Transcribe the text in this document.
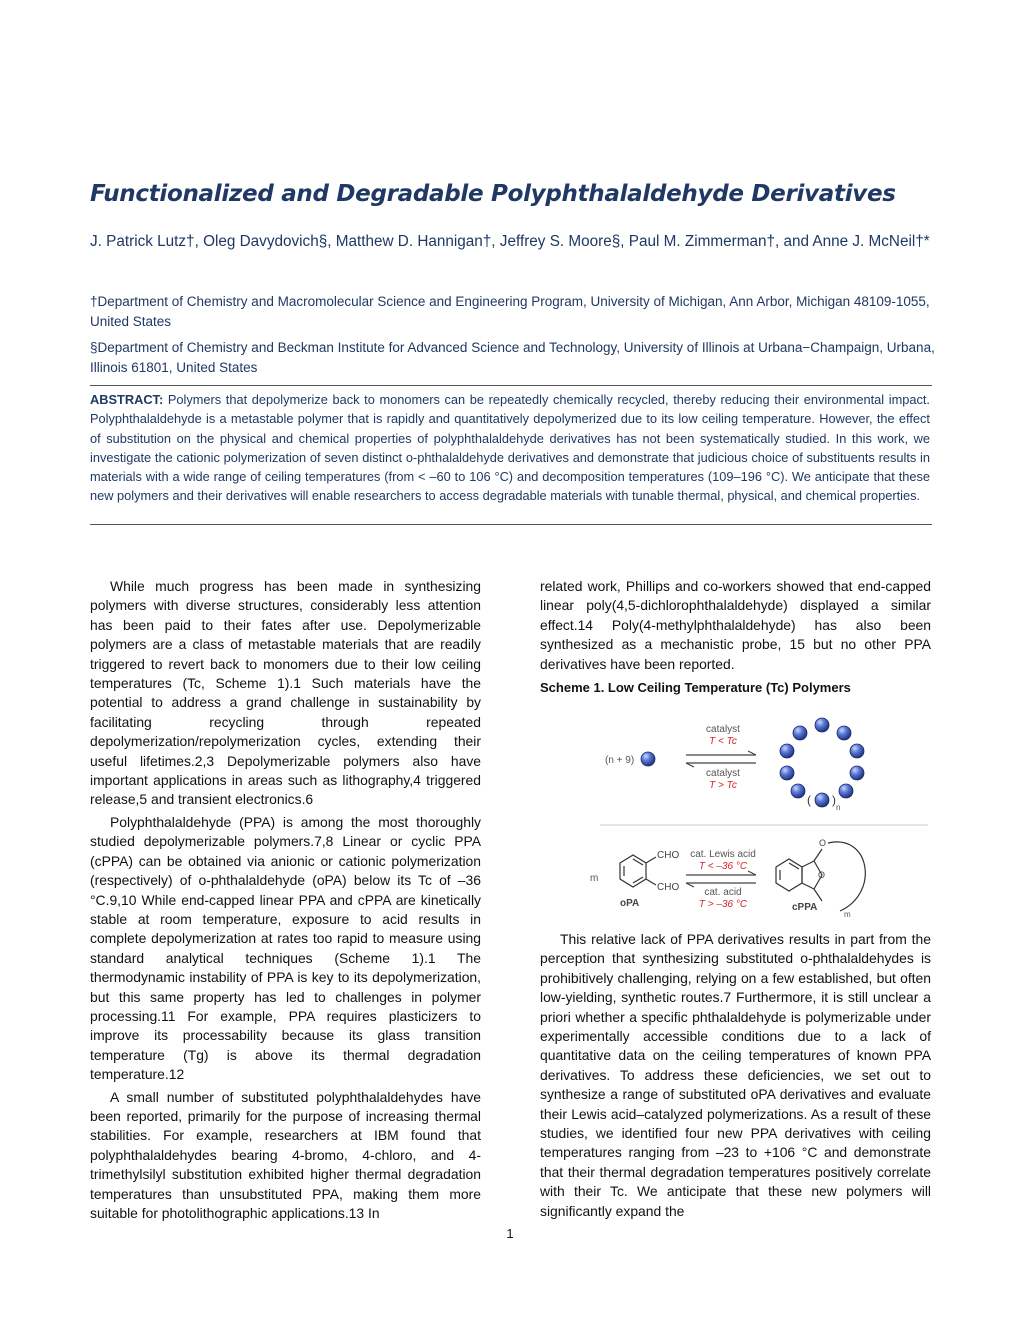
Functionalized and Degradable Polyphthalaldehyde Derivatives
J. Patrick Lutz†, Oleg Davydovich§, Matthew D. Hannigan†, Jeffrey S. Moore§, Paul M. Zimmerman†, and Anne J. McNeil†*
†Department of Chemistry and Macromolecular Science and Engineering Program, University of Michigan, Ann Arbor, Michigan 48109-1055, United States
§Department of Chemistry and Beckman Institute for Advanced Science and Technology, University of Illinois at Urbana−Champaign, Urbana, Illinois 61801, United States
ABSTRACT: Polymers that depolymerize back to monomers can be repeatedly chemically recycled, thereby reducing their environmental impact. Polyphthalaldehyde is a metastable polymer that is rapidly and quantitatively depolymerized due to its low ceiling temperature. However, the effect of substitution on the physical and chemical properties of polyphthalaldehyde derivatives has not been systematically studied. In this work, we investigate the cationic polymerization of seven distinct o-phthalaldehyde derivatives and demonstrate that judicious choice of substituents results in materials with a wide range of ceiling temperatures (from < –60 to 106 °C) and decomposition temperatures (109–196 °C). We anticipate that these new polymers and their derivatives will enable researchers to access degradable materials with tunable thermal, physical, and chemical properties.

While much progress has been made in synthesizing polymers with diverse structures, considerably less attention has been paid to their fates after use. Depolymerizable polymers are a class of metastable materials that are readily triggered to revert back to monomers due to their low ceiling temperatures (Tc, Scheme 1).1 Such materials have the potential to address a grand challenge in sustainability by facilitating recycling through repeated depolymerization/repolymerization cycles, extending their useful lifetimes.2,3 Depolymerizable polymers also have important applications in areas such as lithography,4 triggered release,5 and transient electronics.6

Polyphthalaldehyde (PPA) is among the most thoroughly studied depolymerizable polymers.7,8 Linear or cyclic PPA (cPPA) can be obtained via anionic or cationic polymerization (respectively) of o-phthalaldehyde (oPA) below its Tc of –36 °C.9,10 While end-capped linear PPA and cPPA are kinetically stable at room temperature, exposure to acid results in complete depolymerization at rates too rapid to measure using standard analytical techniques (Scheme 1).1 The thermodynamic instability of PPA is key to its depolymerization, but this same property has led to challenges in polymer processing.11 For example, PPA requires plasticizers to improve its processability because its glass transition temperature (Tg) is above its thermal degradation temperature.12

A small number of substituted polyphthalaldehydes have been reported, primarily for the purpose of increasing thermal stabilities. For example, researchers at IBM found that polyphthalaldehydes bearing 4-bromo, 4-chloro, and 4-trimethylsilyl substitution exhibited higher thermal degradation temperatures than unsubstituted PPA, making them more suitable for photolithographic applications.13 In

related work, Phillips and co-workers showed that end-capped linear poly(4,5-dichlorophthalaldehyde) displayed a similar effect.14 Poly(4-methylphthalaldehyde) has also been synthesized as a mechanistic probe, 15 but no other PPA derivatives have been reported.

Scheme 1. Low Ceiling Temperature (Tc) Polymers

(n + 9)
catalyst
T < Tc
catalyst
T > Tc
( )
n
m
CHO
CHO
oPA
cat. Lewis acid
T < –36 °C
cat. acid
T > –36 °C
O
O
m
cPPA

This relative lack of PPA derivatives results in part from the perception that synthesizing substituted o-phthalaldehydes is prohibitively challenging, relying on a few established, but often low-yielding, synthetic routes.7 Furthermore, it is still unclear a priori whether a specific phthalaldehyde is polymerizable under experimentally accessible conditions due to a lack of quantitative data on the ceiling temperatures of known PPA derivatives. To address these deficiencies, we set out to synthesize a range of substituted oPA derivatives and evaluate their Lewis acid–catalyzed polymerizations. As a result of these studies, we identified four new PPA derivatives with ceiling temperatures ranging from –23 to +106 °C and demonstrate that their thermal degradation temperatures positively correlate with their Tc. We anticipate that these new polymers will significantly expand the

1
